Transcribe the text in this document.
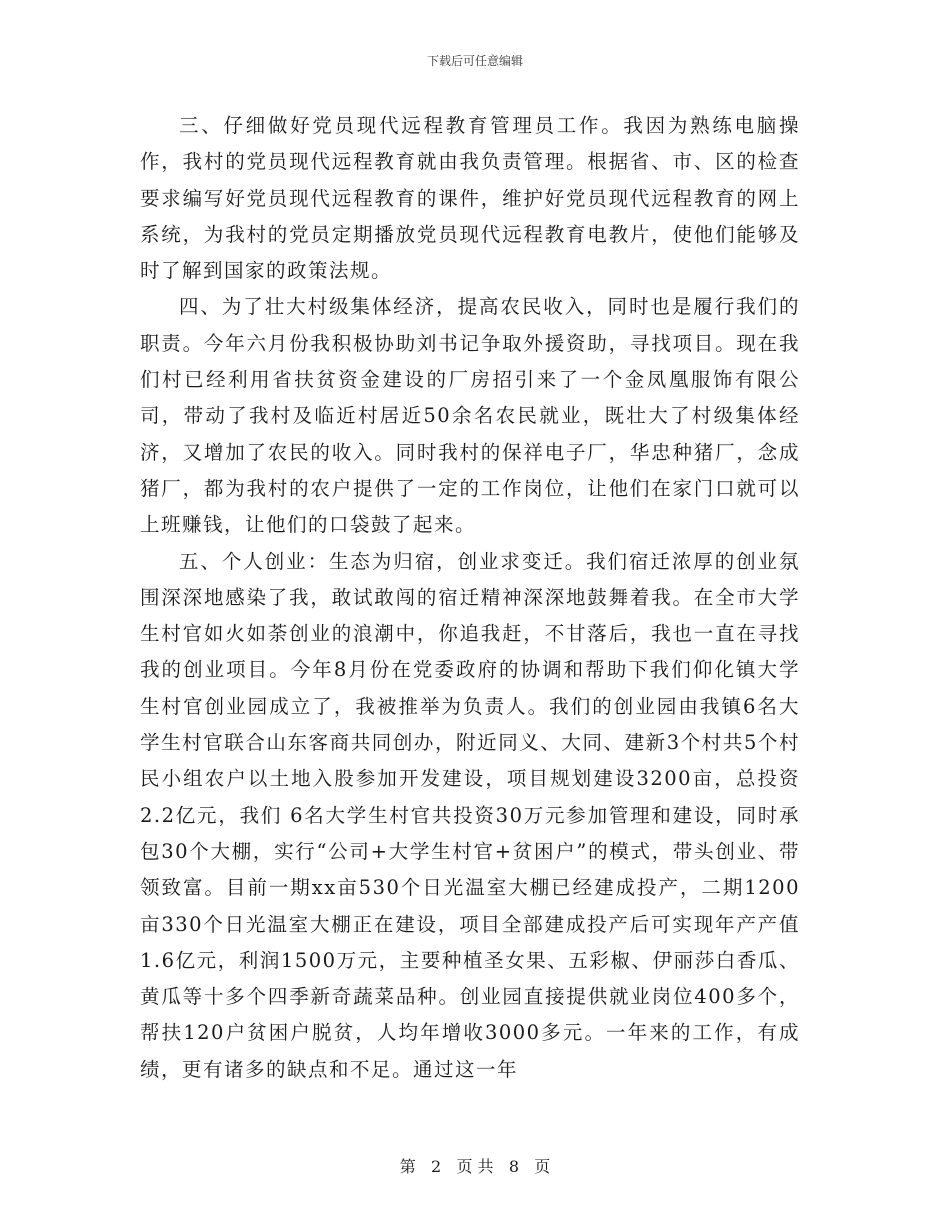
下载后可任意编辑

三、仔细做好党员现代远程教育管理员工作。我因为熟练电脑操作，我村的党员现代远程教育就由我负责管理。根据省、市、区的检查要求编写好党员现代远程教育的课件，维护好党员现代远程教育的网上系统，为我村的党员定期播放党员现代远程教育电教片，使他们能够及时了解到国家的政策法规。

四、为了壮大村级集体经济，提高农民收入，同时也是履行我们的职责。今年六月份我积极协助刘书记争取外援资助，寻找项目。现在我们村已经利用省扶贫资金建设的厂房招引来了一个金凤凰服饰有限公司，带动了我村及临近村居近50余名农民就业，既壮大了村级集体经济，又增加了农民的收入。同时我村的保祥电子厂，华忠种猪厂，念成猪厂，都为我村的农户提供了一定的工作岗位，让他们在家门口就可以上班赚钱，让他们的口袋鼓了起来。

五、个人创业：生态为归宿，创业求变迁。我们宿迁浓厚的创业氛围深深地感染了我，敢试敢闯的宿迁精神深深地鼓舞着我。在全市大学生村官如火如荼创业的浪潮中，你追我赶，不甘落后，我也一直在寻找我的创业项目。今年8月份在党委政府的协调和帮助下我们仰化镇大学生村官创业园成立了，我被推举为负责人。我们的创业园由我镇6名大学生村官联合山东客商共同创办，附近同义、大同、建新3个村共5个村民小组农户以土地入股参加开发建设，项目规划建设3200亩，总投资2.2亿元，我们 6名大学生村官共投资30万元参加管理和建设，同时承包30个大棚，实行“公司+大学生村官+贫困户”的模式，带头创业、带领致富。目前一期xx亩530个日光温室大棚已经建成投产，二期1200亩330个日光温室大棚正在建设，项目全部建成投产后可实现年产产值1.6亿元，利润1500万元，主要种植圣女果、五彩椒、伊丽莎白香瓜、黄瓜等十多个四季新奇蔬菜品种。创业园直接提供就业岗位400多个，帮扶120户贫困户脱贫，人均年增收3000多元。一年来的工作，有成绩，更有诸多的缺点和不足。通过这一年

第 2 页 共 8 页
